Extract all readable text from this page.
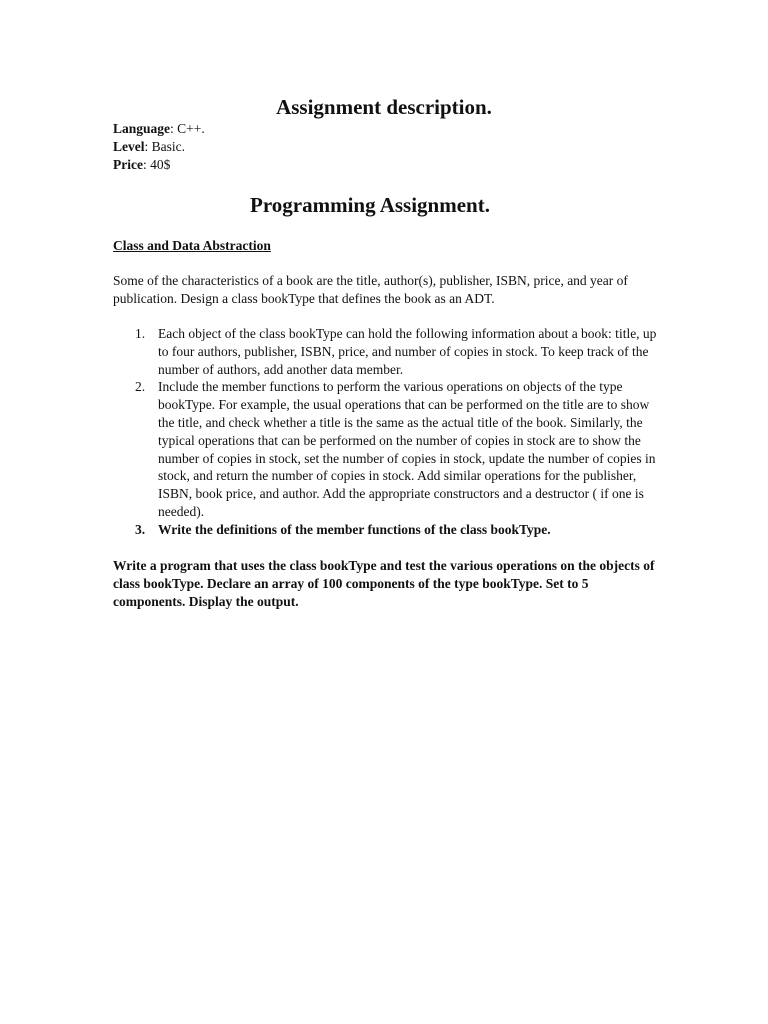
Assignment description.
Language: C++.
Level: Basic.
Price: 40$
Programming Assignment.
Class and Data Abstraction
Some of the characteristics of a book are the title, author(s), publisher, ISBN, price, and year of publication. Design a class bookType that defines the book as an ADT.
1. Each object of the class bookType can hold the following information about a book: title, up to four authors, publisher, ISBN, price, and number of copies in stock. To keep track of the number of authors, add another data member.
2. Include the member functions to perform the various operations on objects of the type bookType. For example, the usual operations that can be performed on the title are to show the title, and check whether a title is the same as the actual title of the book. Similarly, the typical operations that can be performed on the number of copies in stock are to show the number of copies in stock, set the number of copies in stock, update the number of copies in stock, and return the number of copies in stock. Add similar operations for the publisher, ISBN, book price, and author. Add the appropriate constructors and a destructor ( if one is needed).
3. Write the definitions of the member functions of the class bookType.
Write a program that uses the class bookType and test the various operations on the objects of class bookType. Declare an array of 100 components of the type bookType. Set to 5 components. Display the output.
